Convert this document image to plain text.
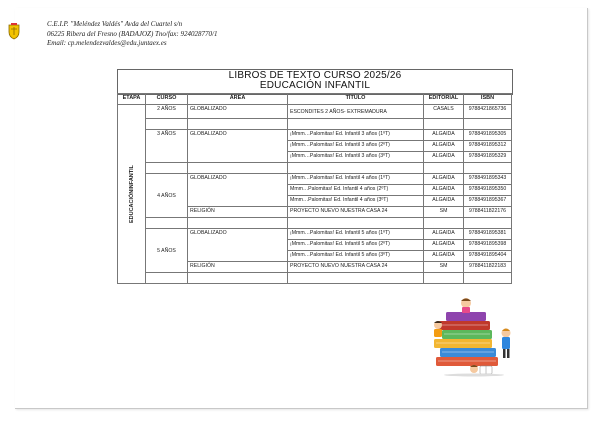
C.E.I.P. "Meléndez Valdés" Avda del Cuartel s/n
06225 Ribera del Fresno (BADAJOZ) Tno/fax: 924028770/1
Email: cp.melendezvaldes@edu.juntaex.es
LIBROS DE TEXTO CURSO 2025/26
EDUCACIÓN INFANTIL
ETAPA	CURSO	ÁREA	TÍTULO	EDITORIAL	ISBN

EDUCACIÓNINFANTIL	2 AÑOS	GLOBALIZADO	ESCONDITES 2 AÑOS- EXTREMADURA	CASALS	9788421865736

	3 AÑOS	GLOBALIZADO	¡Mmm…Palomitas! Ed. Infantil 3 años (1ºT)	ALGAIDA	9788491895305
			¡Mmm…Palomitas! Ed. Infantil 3 años (2ºT)	ALGAIDA	9788491895312
			¡Mmm…Palomitas! Ed. Infantil 3 años (3ºT)	ALGAIDA	9788491895329

	4 AÑOS	GLOBALIZADO	¡Mmm…Palomitas! Ed. Infantil 4 años (1ºT)	ALGAIDA	9788491895343
			Mmm…Palomitas! Ed. Infantil 4 años (2ºT)	ALGAIDA	9788491895350
			Mmm…Palomitas! Ed. Infantil 4 años (3ºT)	ALGAIDA	9788491895367
		RELIGIÓN	PROYECTO NUEVO NUESTRA CASA 24	SM	9788411822176

	5 AÑOS	GLOBALIZADO	¡Mmm…Palomitas! Ed. Infantil 5 años (1ºT)	ALGAIDA	9788491895381
			¡Mmm…Palomitas! Ed. Infantil 5 años (2ºT)	ALGAIDA	9788491895398
			¡Mmm…Palomitas! Ed. Infantil 5 años (3ºT)	ALGAIDA	9788491895404
		RELIGIÓN	PROYECTO NUEVO NUESTRA CASA 24	SM	9788411822183
